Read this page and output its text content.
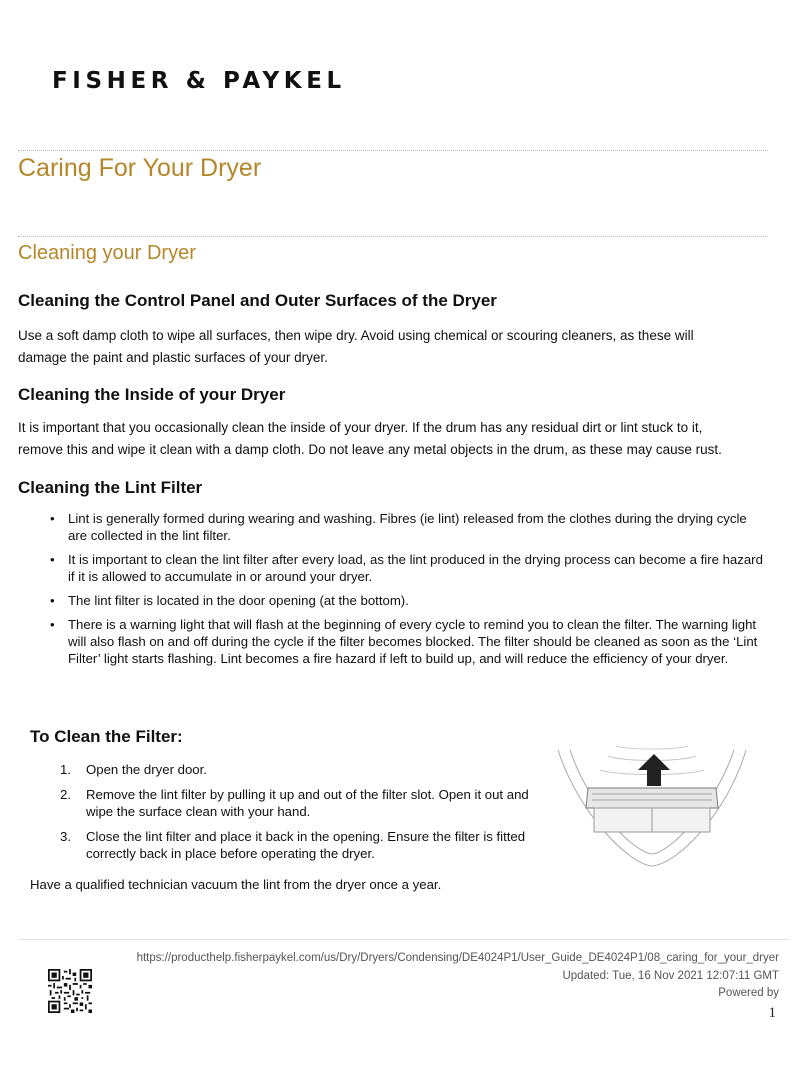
FISHER & PAYKEL
Caring For Your Dryer
Cleaning your Dryer
Cleaning the Control Panel and Outer Surfaces of the Dryer

Use a soft damp cloth to wipe all surfaces, then wipe dry. Avoid using chemical or scouring cleaners, as these will
damage the paint and plastic surfaces of your dryer.

Cleaning the Inside of your Dryer

It is important that you occasionally clean the inside of your dryer. If the drum has any residual dirt or lint stuck to it,
remove this and wipe it clean with a damp cloth. Do not leave any metal objects in the drum, as these may cause rust.

Cleaning the Lint Filter
• Lint is generally formed during wearing and washing. Fibres (ie lint) released from the clothes during the drying cycle are collected in the lint filter.
• It is important to clean the lint filter after every load, as the lint produced in the drying process can become a fire hazard if it is allowed to accumulate in or around your dryer.
• The lint filter is located in the door opening (at the bottom).
• There is a warning light that will flash at the beginning of every cycle to remind you to clean the filter. The warning light will also flash on and off during the cycle if the filter becomes blocked. The filter should be cleaned as soon as the ‘Lint Filter’ light starts flashing. Lint becomes a fire hazard if left to build up, and will reduce the efficiency of your dryer.
To Clean the Filter:
1. Open the dryer door.
2. Remove the lint filter by pulling it up and out of the filter slot. Open it out and wipe the surface clean with your hand.
3. Close the lint filter and place it back in the opening. Ensure the filter is fitted correctly back in place before operating the dryer.

Have a qualified technician vacuum the lint from the dryer once a year.

https://producthelp.fisherpaykel.com/us/Dry/Dryers/Condensing/DE4024P1/User_Guide_DE4024P1/08_caring_for_your_dryer
Updated: Tue, 16 Nov 2021 12:07:11 GMT
Powered by
1
